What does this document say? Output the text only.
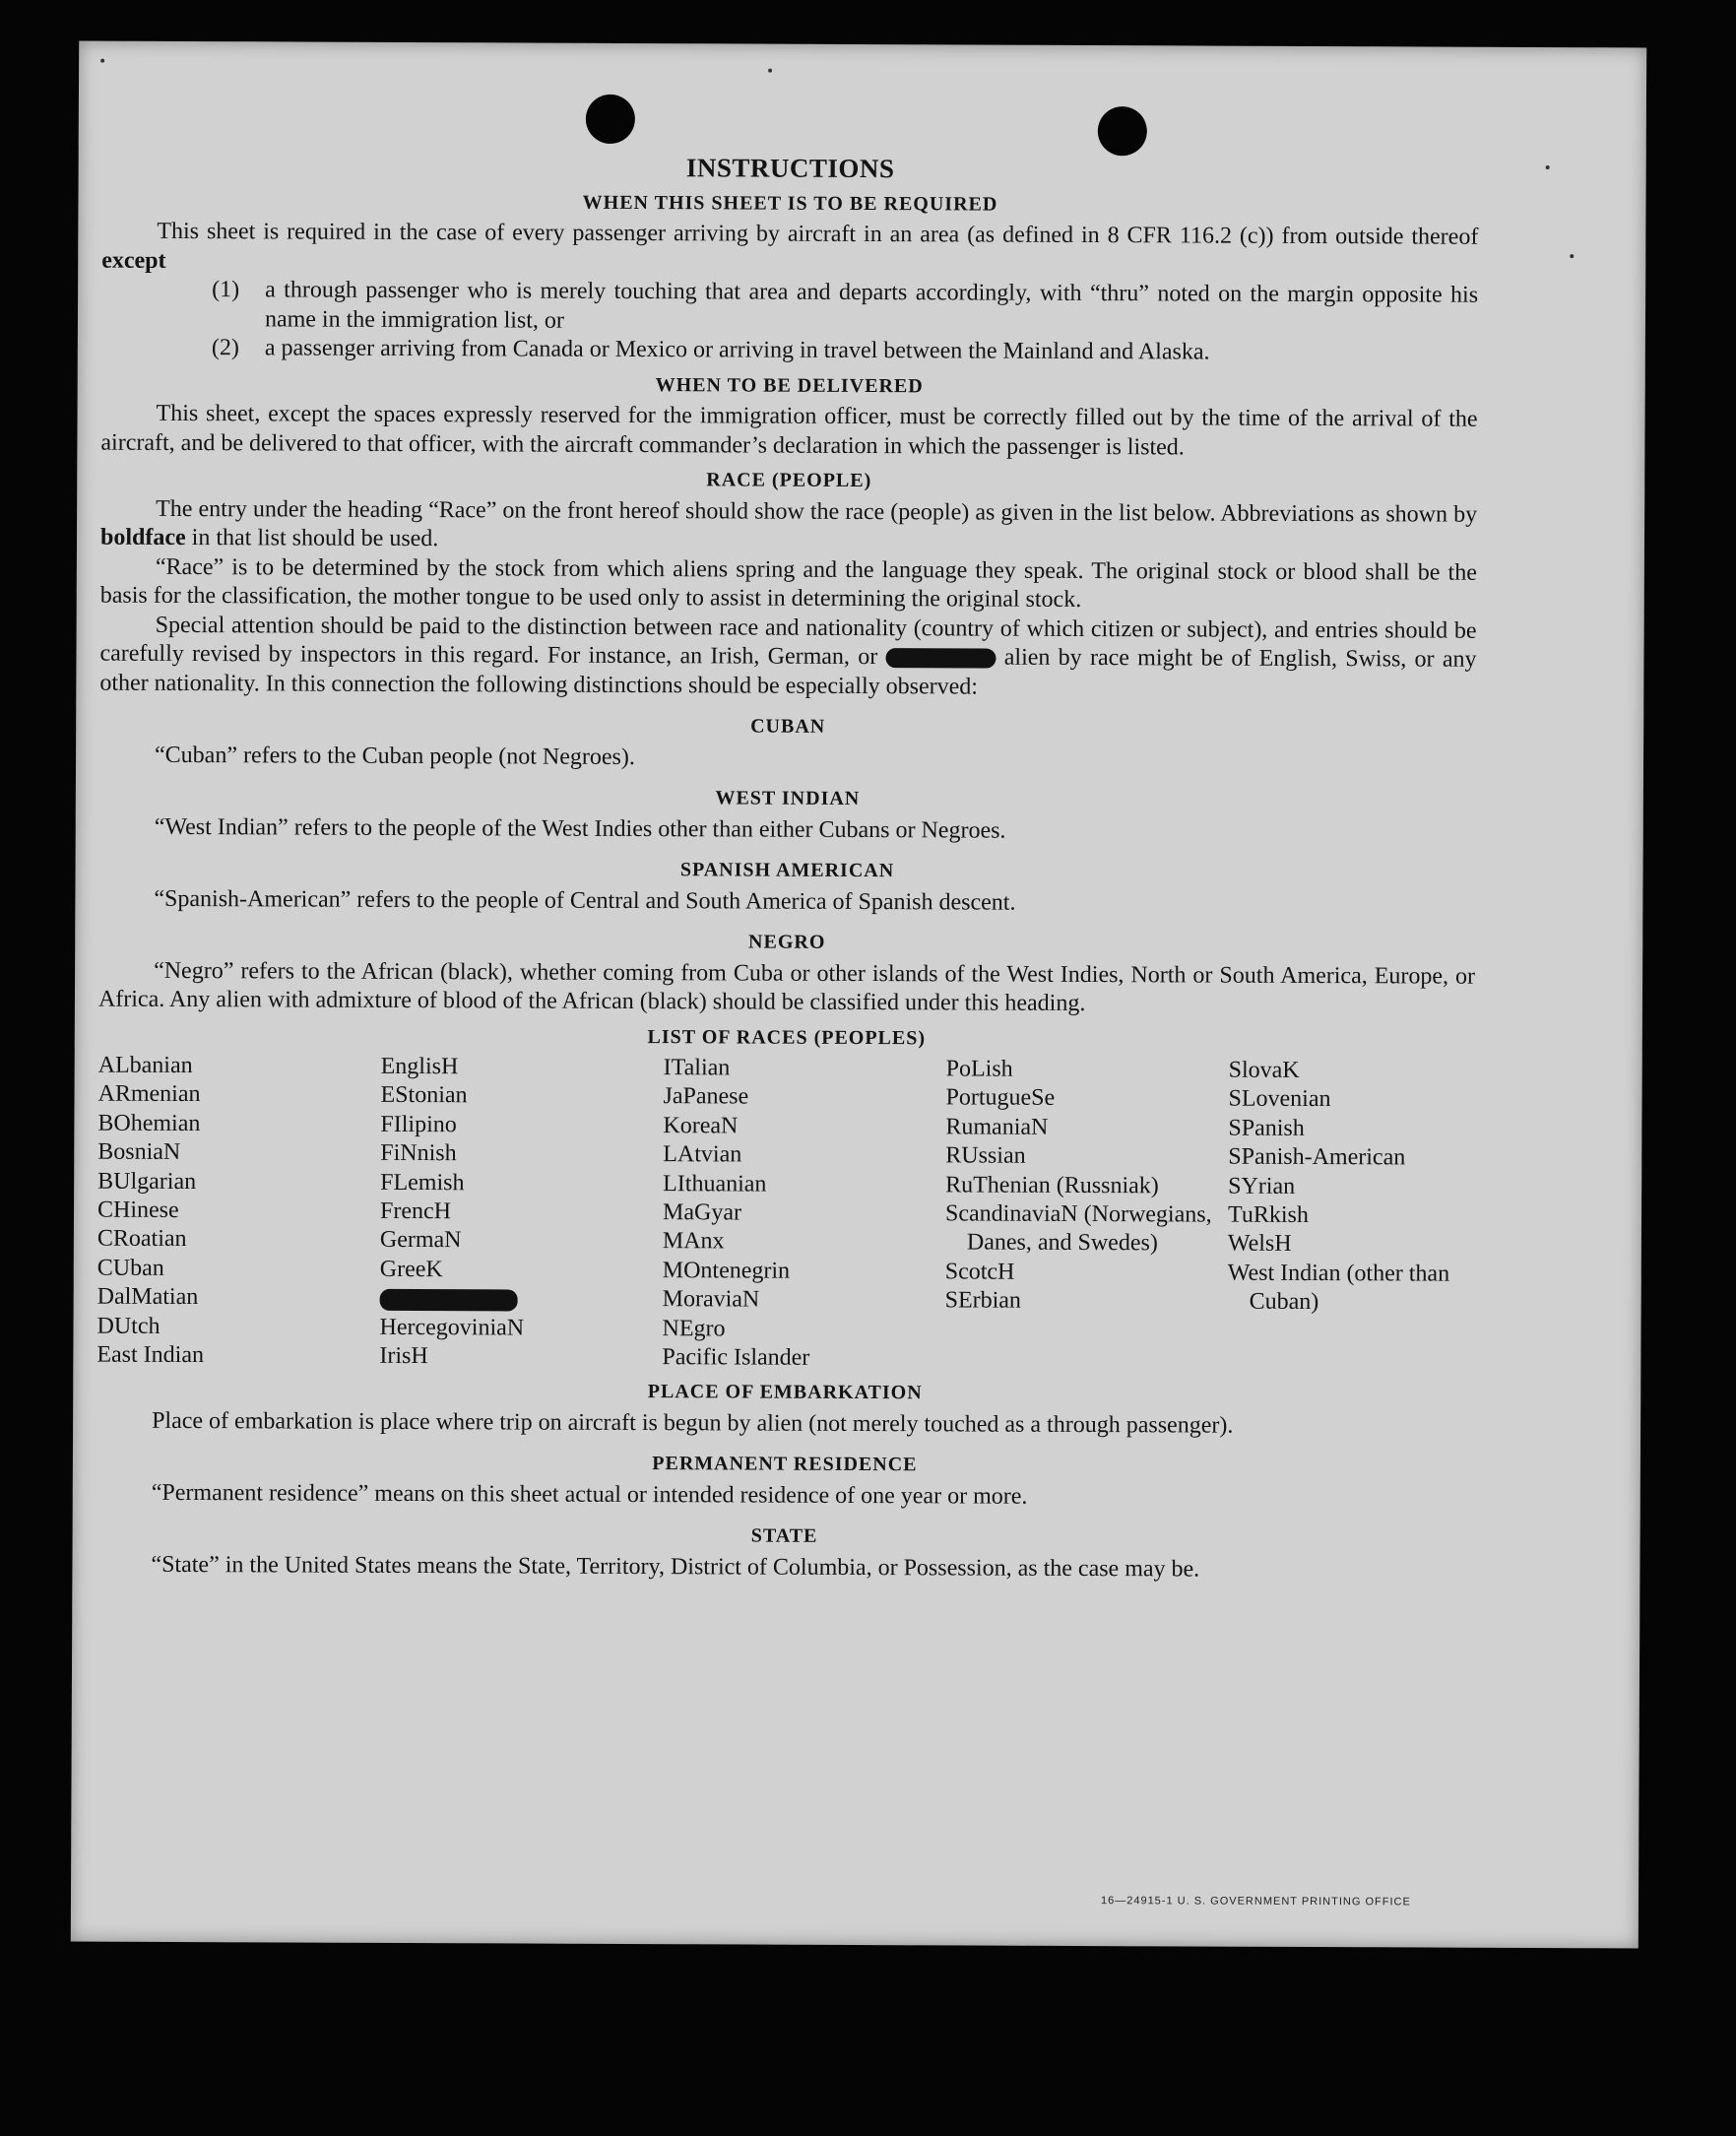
INSTRUCTIONS
WHEN THIS SHEET IS TO BE REQUIRED

This sheet is required in the case of every passenger arriving by aircraft in an area (as defined in 8 CFR 116.2 (c)) from outside thereof except

(1)	a through passenger who is merely touching that area and departs accordingly, with “thru” noted on the margin opposite his name in the immigration list, or
(2)	a passenger arriving from Canada or Mexico or arriving in travel between the Mainland and Alaska.
WHEN TO BE DELIVERED

This sheet, except the spaces expressly reserved for the immigration officer, must be correctly filled out by the time of the arrival of the aircraft, and be delivered to that officer, with the aircraft commander’s declaration in which the passenger is listed.

RACE (PEOPLE)

The entry under the heading “Race” on the front hereof should show the race (people) as given in the list below. Abbreviations as shown by boldface in that list should be used.

“Race” is to be determined by the stock from which aliens spring and the language they speak. The original stock or blood shall be the basis for the classification, the mother tongue to be used only to assist in determining the original stock.

Special attention should be paid to the distinction between race and nationality (country of which citizen or subject), and entries should be carefully revised by inspectors in this regard. For instance, an Irish, German, or	alien by race might be of English, Swiss, or any other nationality. In this connection the following distinctions should be especially observed:

CUBAN

“Cuban” refers to the Cuban people (not Negroes).

WEST INDIAN

“West Indian” refers to the people of the West Indies other than either Cubans or Negroes.

SPANISH AMERICAN

“Spanish-American” refers to the people of Central and South America of Spanish descent.

NEGRO

“Negro” refers to the African (black), whether coming from Cuba or other islands of the West Indies, North or South America, Europe, or Africa. Any alien with admixture of blood of the African (black) should be classified under this heading.

LIST OF RACES (PEOPLES)
ALbanian
ARmenian
BOhemian
BosniaN
BUlgarian
CHinese
CRoatian
CUban
DalMatian
DUtch
East Indian
EnglisH
EStonian
FIlipino
FiNnish
FLemish
FrencH
GermaN
GreeK
HercegoviniaN
IrisH
ITalian
JaPanese
KoreaN
LAtvian
LIthuanian
MaGyar
MAnx
MOntenegrin
MoraviaN
NEgro
Pacific Islander
PoLish
PortugueSe
RumaniaN
RUssian
RuThenian (Russniak)
ScandinaviaN (Norwegians, Danes, and Swedes)
ScotcH
SErbian
SlovaK
SLovenian
SPanish
SPanish-American
SYrian
TuRkish
WelsH
West Indian (other than Cuban)
PLACE OF EMBARKATION

Place of embarkation is place where trip on aircraft is begun by alien (not merely touched as a through passenger).

PERMANENT RESIDENCE

“Permanent residence” means on this sheet actual or intended residence of one year or more.

STATE

“State” in the United States means the State, Territory, District of Columbia, or Possession, as the case may be.

16—24915-1 U. S. GOVERNMENT PRINTING OFFICE
